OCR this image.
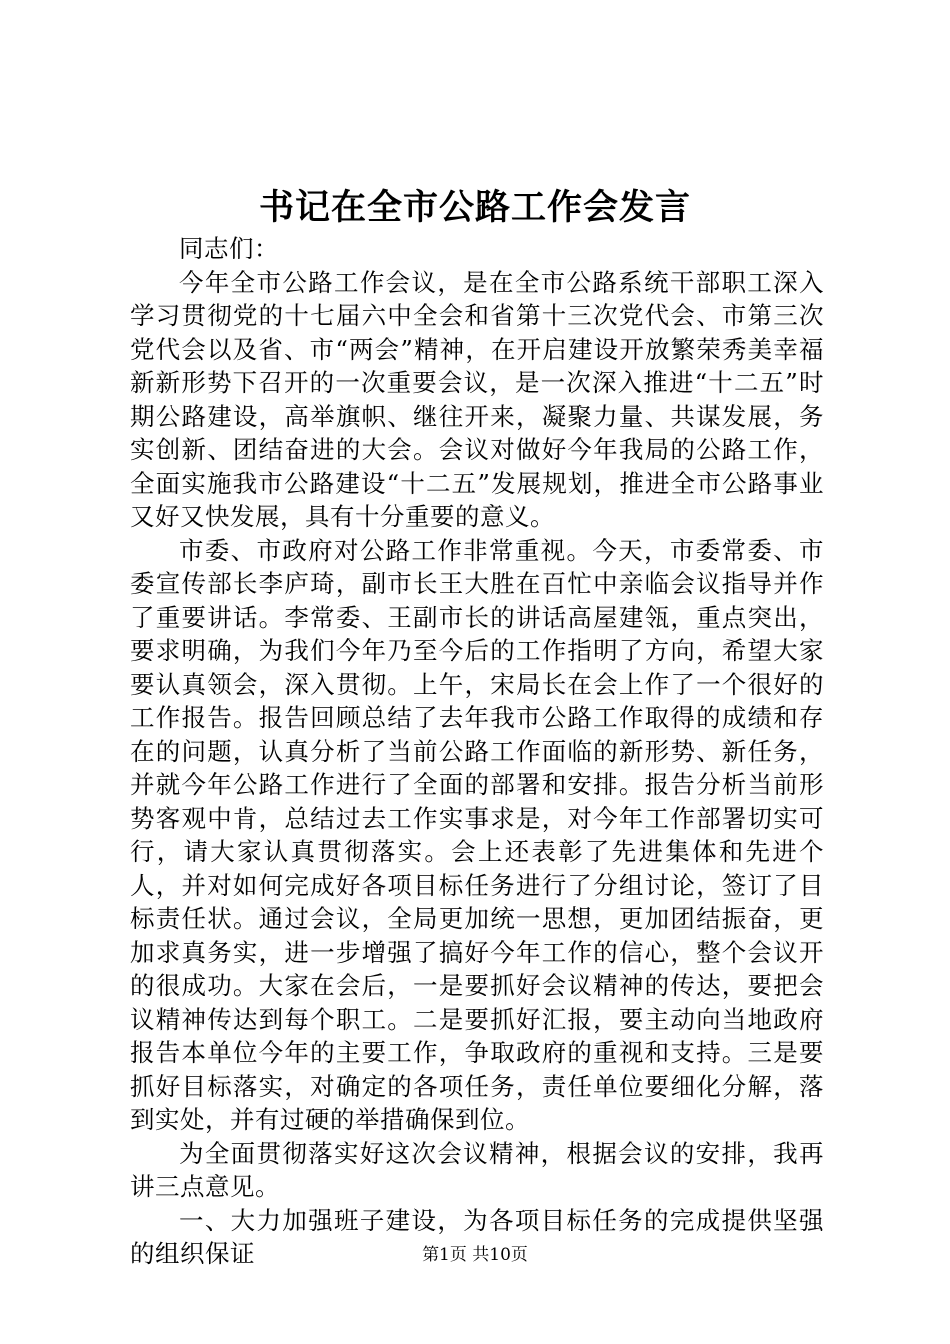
书记在全市公路工作会发言

同志们：

今年全市公路工作会议，是在全市公路系统干部职工深入学习贯彻党的十七届六中全会和省第十三次党代会、市第三次党代会以及省、市“两会”精神，在开启建设开放繁荣秀美幸福新新形势下召开的一次重要会议，是一次深入推进“十二五”时期公路建设，高举旗帜、继往开来，凝聚力量、共谋发展，务实创新、团结奋进的大会。会议对做好今年我局的公路工作，全面实施我市公路建设“十二五”发展规划，推进全市公路事业又好又快发展，具有十分重要的意义。

市委、市政府对公路工作非常重视。今天，市委常委、市委宣传部长李庐琦，副市长王大胜在百忙中亲临会议指导并作了重要讲话。李常委、王副市长的讲话高屋建瓴，重点突出，要求明确，为我们今年乃至今后的工作指明了方向，希望大家要认真领会，深入贯彻。上午，宋局长在会上作了一个很好的工作报告。报告回顾总结了去年我市公路工作取得的成绩和存在的问题，认真分析了当前公路工作面临的新形势、新任务，并就今年公路工作进行了全面的部署和安排。报告分析当前形势客观中肯，总结过去工作实事求是，对今年工作部署切实可行，请大家认真贯彻落实。会上还表彰了先进集体和先进个人，并对如何完成好各项目标任务进行了分组讨论，签订了目标责任状。通过会议，全局更加统一思想，更加团结振奋，更加求真务实，进一步增强了搞好今年工作的信心，整个会议开的很成功。大家在会后，一是要抓好会议精神的传达，要把会议精神传达到每个职工。二是要抓好汇报，要主动向当地政府报告本单位今年的主要工作，争取政府的重视和支持。三是要抓好目标落实，对确定的各项任务，责任单位要细化分解，落到实处，并有过硬的举措确保到位。

为全面贯彻落实好这次会议精神，根据会议的安排，我再讲三点意见。

一、大力加强班子建设，为各项目标任务的完成提供坚强的组织保证	第1页 共10页
